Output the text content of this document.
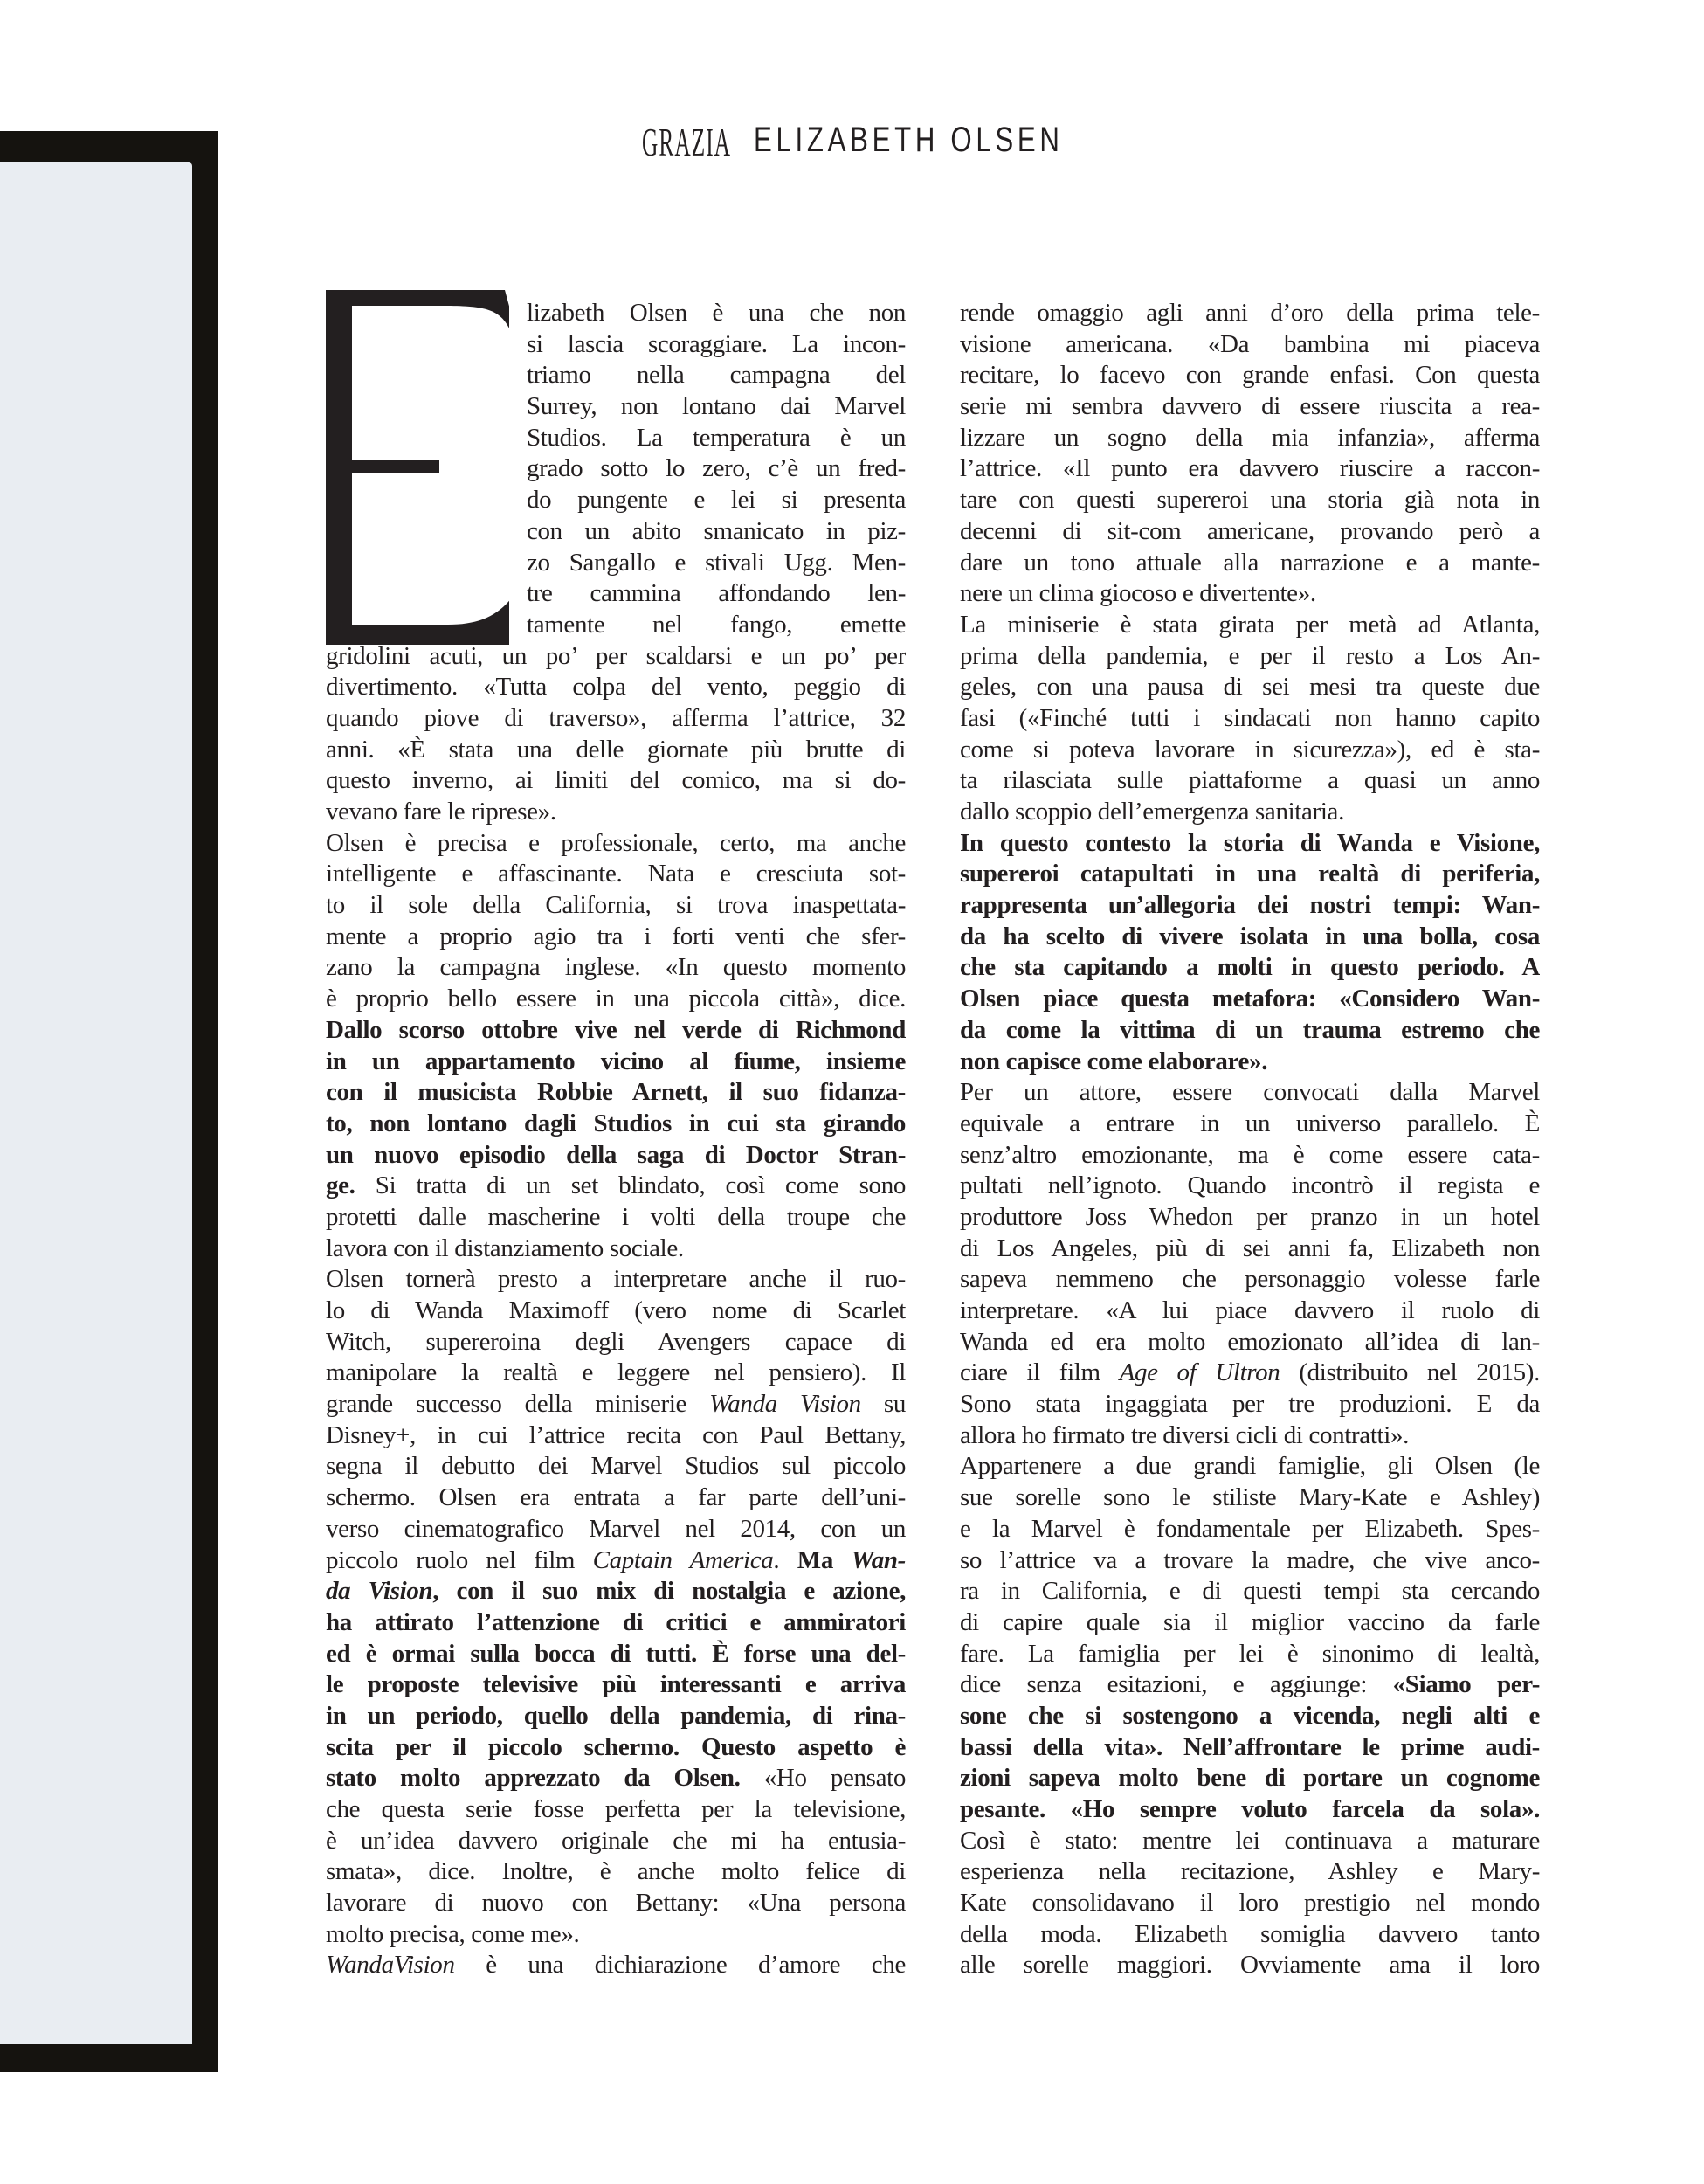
GRAZIA ELIZABETH OLSEN
lizabeth Olsen è una che non
si lascia scoraggiare. La incon-
triamo nella campagna del
Surrey, non lontano dai Marvel
Studios. La temperatura è un
grado sotto lo zero, c’è un fred-
do pungente e lei si presenta
con un abito smanicato in piz-
zo Sangallo e stivali Ugg. Men-
tre cammina affondando len-
tamente nel fango, emette
gridolini acuti, un po’ per scaldarsi e un po’ per
divertimento. «Tutta colpa del vento, peggio di
quando piove di traverso», afferma l’attrice, 32
anni. «È stata una delle giornate più brutte di
questo inverno, ai limiti del comico, ma si do-
vevano fare le riprese».
Olsen è precisa e professionale, certo, ma anche
intelligente e affascinante. Nata e cresciuta sot-
to il sole della California, si trova inaspettata-
mente a proprio agio tra i forti venti che sfer-
zano la campagna inglese. «In questo momento
è proprio bello essere in una piccola città», dice.
Dallo scorso ottobre vive nel verde di Richmond
in un appartamento vicino al fiume, insieme
con il musicista Robbie Arnett, il suo fidanza-
to, non lontano dagli Studios in cui sta girando
un nuovo episodio della saga di Doctor Stran-
ge. Si tratta di un set blindato, così come sono
protetti dalle mascherine i volti della troupe che
lavora con il distanziamento sociale.
Olsen tornerà presto a interpretare anche il ruo-
lo di Wanda Maximoff (vero nome di Scarlet
Witch, supereroina degli Avengers capace di
manipolare la realtà e leggere nel pensiero). Il
grande successo della miniserie Wanda Vision su
Disney+, in cui l’attrice recita con Paul Bettany,
segna il debutto dei Marvel Studios sul piccolo
schermo. Olsen era entrata a far parte dell’uni-
verso cinematografico Marvel nel 2014, con un
piccolo ruolo nel film Captain America. Ma Wan-
da Vision, con il suo mix di nostalgia e azione,
ha attirato l’attenzione di critici e ammiratori
ed è ormai sulla bocca di tutti. È forse una del-
le proposte televisive più interessanti e arriva
in un periodo, quello della pandemia, di rina-
scita per il piccolo schermo. Questo aspetto è
stato molto apprezzato da Olsen. «Ho pensato
che questa serie fosse perfetta per la televisione,
è un’idea davvero originale che mi ha entusia-
smata», dice. Inoltre, è anche molto felice di
lavorare di nuovo con Bettany: «Una persona
molto precisa, come me».
WandaVision è una dichiarazione d’amore che
rende omaggio agli anni d’oro della prima tele-
visione americana. «Da bambina mi piaceva
recitare, lo facevo con grande enfasi. Con questa
serie mi sembra davvero di essere riuscita a rea-
lizzare un sogno della mia infanzia», afferma
l’attrice. «Il punto era davvero riuscire a raccon-
tare con questi supereroi una storia già nota in
decenni di sit-com americane, provando però a
dare un tono attuale alla narrazione e a mante-
nere un clima giocoso e divertente».
La miniserie è stata girata per metà ad Atlanta,
prima della pandemia, e per il resto a Los An-
geles, con una pausa di sei mesi tra queste due
fasi («Finché tutti i sindacati non hanno capito
come si poteva lavorare in sicurezza»), ed è sta-
ta rilasciata sulle piattaforme a quasi un anno
dallo scoppio dell’emergenza sanitaria.
In questo contesto la storia di Wanda e Visione,
supereroi catapultati in una realtà di periferia,
rappresenta un’allegoria dei nostri tempi: Wan-
da ha scelto di vivere isolata in una bolla, cosa
che sta capitando a molti in questo periodo. A
Olsen piace questa metafora: «Considero Wan-
da come la vittima di un trauma estremo che
non capisce come elaborare».
Per un attore, essere convocati dalla Marvel
equivale a entrare in un universo parallelo. È
senz’altro emozionante, ma è come essere cata-
pultati nell’ignoto. Quando incontrò il regista e
produttore Joss Whedon per pranzo in un hotel
di Los Angeles, più di sei anni fa, Elizabeth non
sapeva nemmeno che personaggio volesse farle
interpretare. «A lui piace davvero il ruolo di
Wanda ed era molto emozionato all’idea di lan-
ciare il film Age of Ultron (distribuito nel 2015).
Sono stata ingaggiata per tre produzioni. E da
allora ho firmato tre diversi cicli di contratti».
Appartenere a due grandi famiglie, gli Olsen (le
sue sorelle sono le stiliste Mary-Kate e Ashley)
e la Marvel è fondamentale per Elizabeth. Spes-
so l’attrice va a trovare la madre, che vive anco-
ra in California, e di questi tempi sta cercando
di capire quale sia il miglior vaccino da farle
fare. La famiglia per lei è sinonimo di lealtà,
dice senza esitazioni, e aggiunge: «Siamo per-
sone che si sostengono a vicenda, negli alti e
bassi della vita». Nell’affrontare le prime audi-
zioni sapeva molto bene di portare un cognome
pesante. «Ho sempre voluto farcela da sola».
Così è stato: mentre lei continuava a maturare
esperienza nella recitazione, Ashley e Mary-
Kate consolidavano il loro prestigio nel mondo
della moda. Elizabeth somiglia davvero tanto
alle sorelle maggiori. Ovviamente ama il loro
